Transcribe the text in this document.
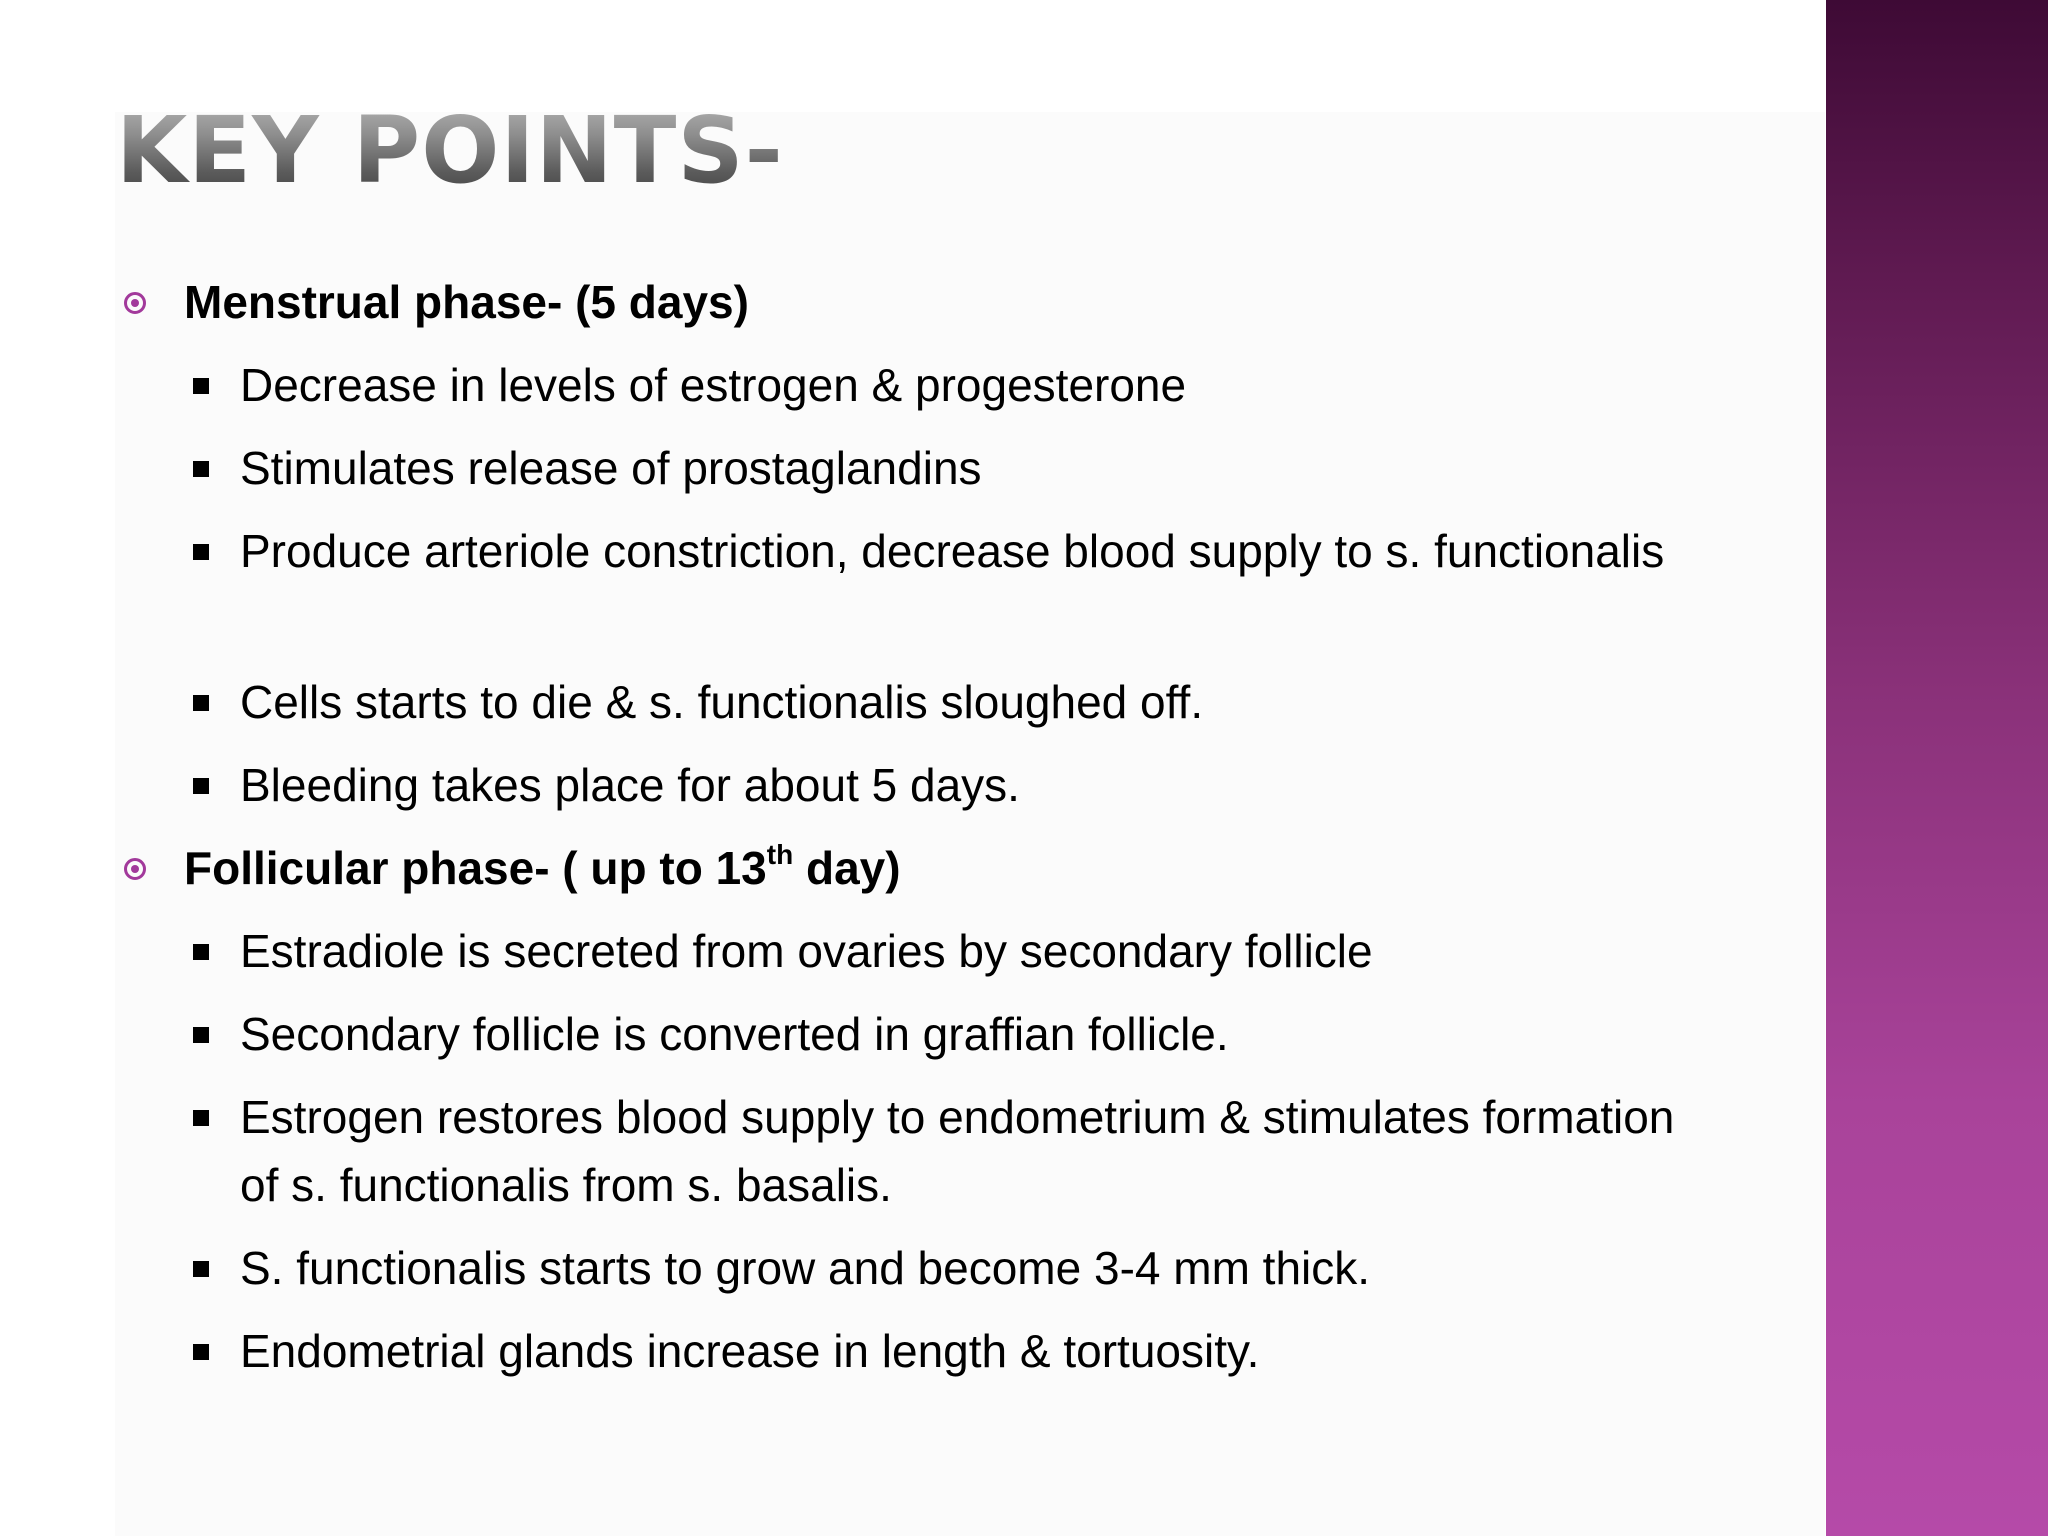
KEY POINTS-
Menstrual phase- (5 days)
Decrease in levels of estrogen & progesterone
Stimulates release of prostaglandins
Produce arteriole constriction, decrease blood supply to s. functionalis
Cells starts to die & s. functionalis sloughed off.
Bleeding takes place for about 5 days.
Follicular phase- ( up to 13th day)
Estradiole is secreted from ovaries by secondary follicle
Secondary follicle is converted in graffian follicle.
Estrogen restores blood supply to endometrium & stimulates formation of s. functionalis from s. basalis.
S. functionalis starts to grow and become 3-4 mm thick.
Endometrial glands increase in length & tortuosity.
